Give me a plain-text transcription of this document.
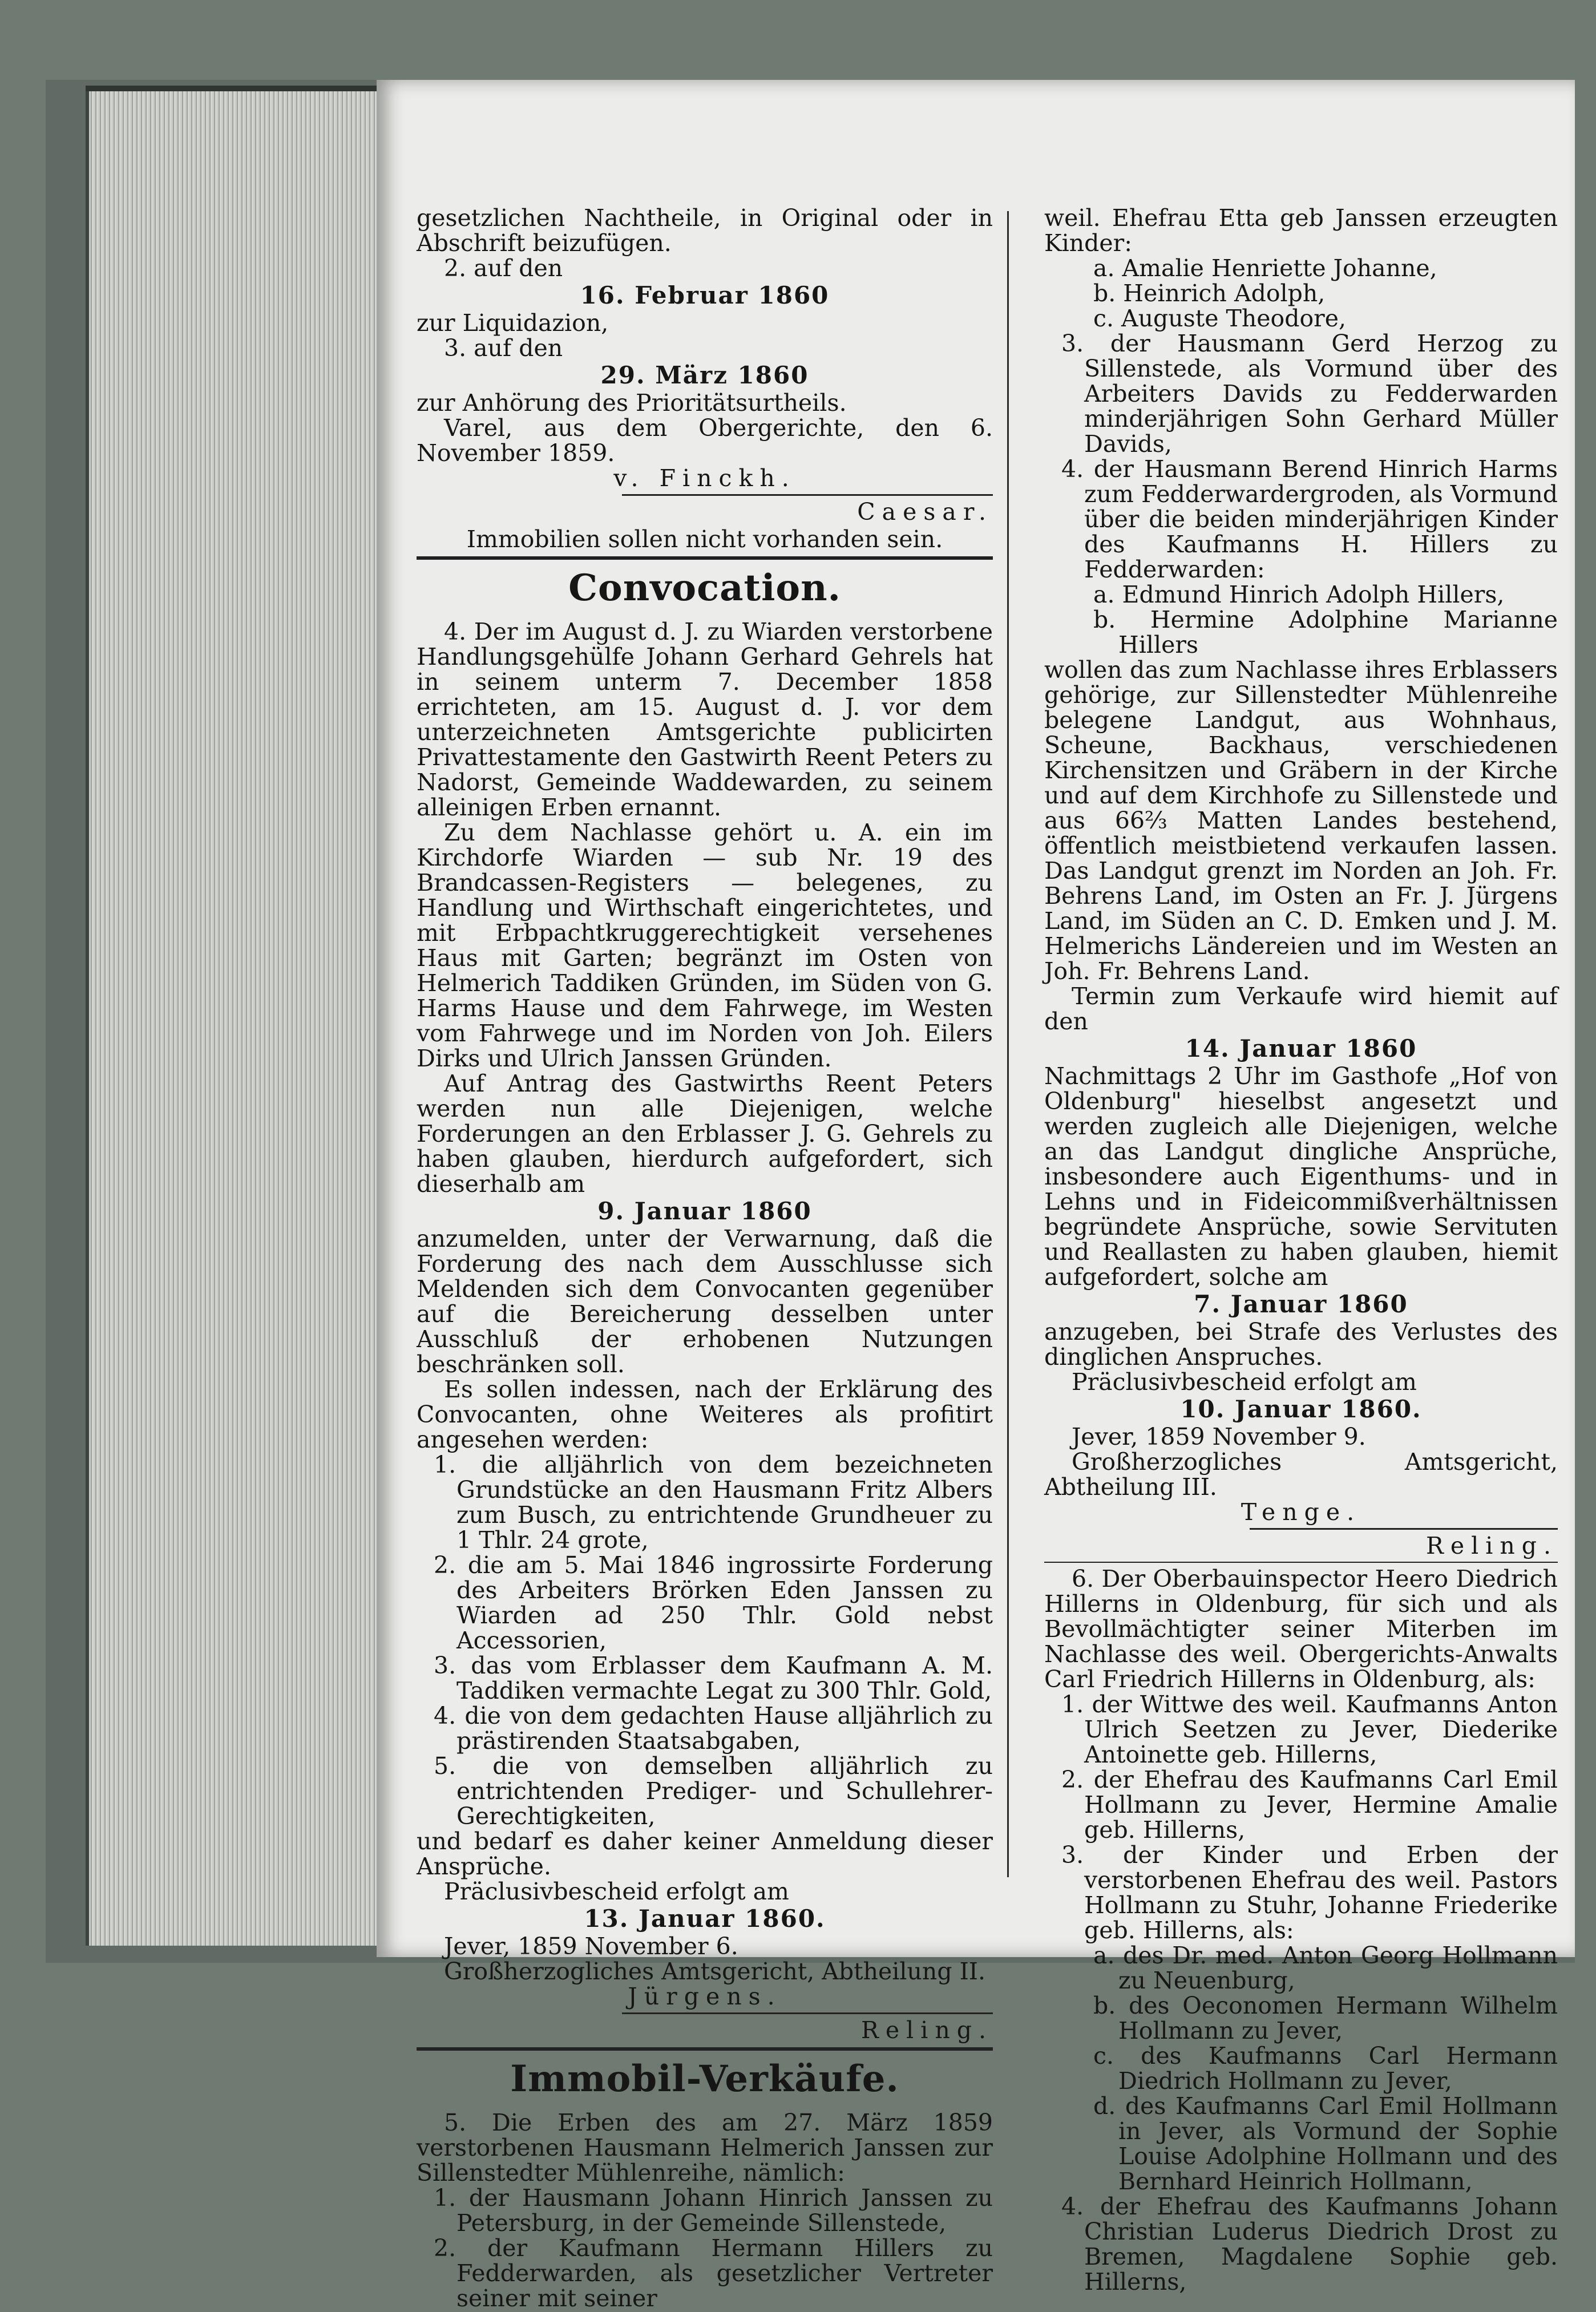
gesetzlichen Nachtheile, in Original oder in Abschrift beizufügen.

2. auf den

16. Februar 1860

zur Liquidazion,

3. auf den

29. März 1860

zur Anhörung des Prioritätsurtheils.

Varel, aus dem Obergerichte, den 6. November 1859.

v. Finckh.

Caesar.

Immobilien sollen nicht vorhanden sein.

Convocation.

4. Der im August d. J. zu Wiarden verstorbene Handlungsgehülfe Johann Gerhard Gehrels hat in seinem unterm 7. December 1858 errichteten, am 15. August d. J. vor dem unterzeichneten Amtsgerichte publicirten Privattestamente den Gastwirth Reent Peters zu Nadorst, Gemeinde Waddewarden, zu seinem alleinigen Erben ernannt.

Zu dem Nachlasse gehört u. A. ein im Kirchdorfe Wiarden — sub Nr. 19 des Brandcassen-Registers — belegenes, zu Handlung und Wirthschaft eingerichtetes, und mit Erbpachtkruggerechtigkeit versehenes Haus mit Garten; begränzt im Osten von Helmerich Taddiken Gründen, im Süden von G. Harms Hause und dem Fahrwege, im Westen vom Fahrwege und im Norden von Joh. Eilers Dirks und Ulrich Janssen Gründen.

Auf Antrag des Gastwirths Reent Peters werden nun alle Diejenigen, welche Forderungen an den Erblasser J. G. Gehrels zu haben glauben, hierdurch aufgefordert, sich dieserhalb am

9. Januar 1860

anzumelden, unter der Verwarnung, daß die Forderung des nach dem Ausschlusse sich Meldenden sich dem Convocanten gegenüber auf die Bereicherung desselben unter Ausschluß der erhobenen Nutzungen beschränken soll.

Es sollen indessen, nach der Erklärung des Convocanten, ohne Weiteres als profitirt angesehen werden:

1. die alljährlich von dem bezeichneten Grundstücke an den Hausmann Fritz Albers zum Busch, zu entrichtende Grundheuer zu 1 Thlr. 24 grote,

2. die am 5. Mai 1846 ingrossirte Forderung des Arbeiters Brörken Eden Janssen zu Wiarden ad 250 Thlr. Gold nebst Accessorien,

3. das vom Erblasser dem Kaufmann A. M. Taddiken vermachte Legat zu 300 Thlr. Gold,

4. die von dem gedachten Hause alljährlich zu prästirenden Staatsabgaben,

5. die von demselben alljährlich zu entrichtenden Prediger- und Schullehrer-Gerechtigkeiten,

und bedarf es daher keiner Anmeldung dieser Ansprüche.

Präclusivbescheid erfolgt am

13. Januar 1860.

Jever, 1859 November 6.

Großherzogliches Amtsgericht, Abtheilung II.

Jürgens.

Reling.

Immobil-Verkäufe.

5. Die Erben des am 27. März 1859 verstorbenen Hausmann Helmerich Janssen zur Sillenstedter Mühlenreihe, nämlich:

1. der Hausmann Johann Hinrich Janssen zu Petersburg, in der Gemeinde Sillenstede,

2. der Kaufmann Hermann Hillers zu Fedderwarden, als gesetzlicher Vertreter seiner mit seiner

weil. Ehefrau Etta geb Janssen erzeugten Kinder:

a. Amalie Henriette Johanne,

b. Heinrich Adolph,

c. Auguste Theodore,

3. der Hausmann Gerd Herzog zu Sillenstede, als Vormund über des Arbeiters Davids zu Fedderwarden minderjährigen Sohn Gerhard Müller Davids,

4. der Hausmann Berend Hinrich Harms zum Fedderwardergroden, als Vormund über die beiden minderjährigen Kinder des Kaufmanns H. Hillers zu Fedderwarden:

a. Edmund Hinrich Adolph Hillers,

b. Hermine Adolphine Marianne Hillers

wollen das zum Nachlasse ihres Erblassers gehörige, zur Sillenstedter Mühlenreihe belegene Landgut, aus Wohnhaus, Scheune, Backhaus, verschiedenen Kirchensitzen und Gräbern in der Kirche und auf dem Kirchhofe zu Sillenstede und aus 66⅔ Matten Landes bestehend, öffentlich meistbietend verkaufen lassen. Das Landgut grenzt im Norden an Joh. Fr. Behrens Land, im Osten an Fr. J. Jürgens Land, im Süden an C. D. Emken und J. M. Helmerichs Ländereien und im Westen an Joh. Fr. Behrens Land.

Termin zum Verkaufe wird hiemit auf den

14. Januar 1860

Nachmittags 2 Uhr im Gasthofe „Hof von Oldenburg" hieselbst angesetzt und werden zugleich alle Diejenigen, welche an das Landgut dingliche Ansprüche, insbesondere auch Eigenthums- und in Lehns und in Fideicommißverhältnissen begründete Ansprüche, sowie Servituten und Reallasten zu haben glauben, hiemit aufgefordert, solche am

7. Januar 1860

anzugeben, bei Strafe des Verlustes des dinglichen Anspruches.

Präclusivbescheid erfolgt am

10. Januar 1860.

Jever, 1859 November 9.

Großherzogliches Amtsgericht, Abtheilung III.

Tenge.

Reling.

6. Der Oberbauinspector Heero Diedrich Hillerns in Oldenburg, für sich und als Bevollmächtigter seiner Miterben im Nachlasse des weil. Obergerichts-Anwalts Carl Friedrich Hillerns in Oldenburg, als:

1. der Wittwe des weil. Kaufmanns Anton Ulrich Seetzen zu Jever, Diederike Antoinette geb. Hillerns,

2. der Ehefrau des Kaufmanns Carl Emil Hollmann zu Jever, Hermine Amalie geb. Hillerns,

3. der Kinder und Erben der verstorbenen Ehefrau des weil. Pastors Hollmann zu Stuhr, Johanne Friederike geb. Hillerns, als:

a. des Dr. med. Anton Georg Hollmann zu Neuenburg,

b. des Oeconomen Hermann Wilhelm Hollmann zu Jever,

c. des Kaufmanns Carl Hermann Diedrich Hollmann zu Jever,

d. des Kaufmanns Carl Emil Hollmann in Jever, als Vormund der Sophie Louise Adolphine Hollmann und des Bernhard Heinrich Hollmann,

4. der Ehefrau des Kaufmanns Johann Christian Luderus Diedrich Drost zu Bremen, Magdalene Sophie geb. Hillerns,
